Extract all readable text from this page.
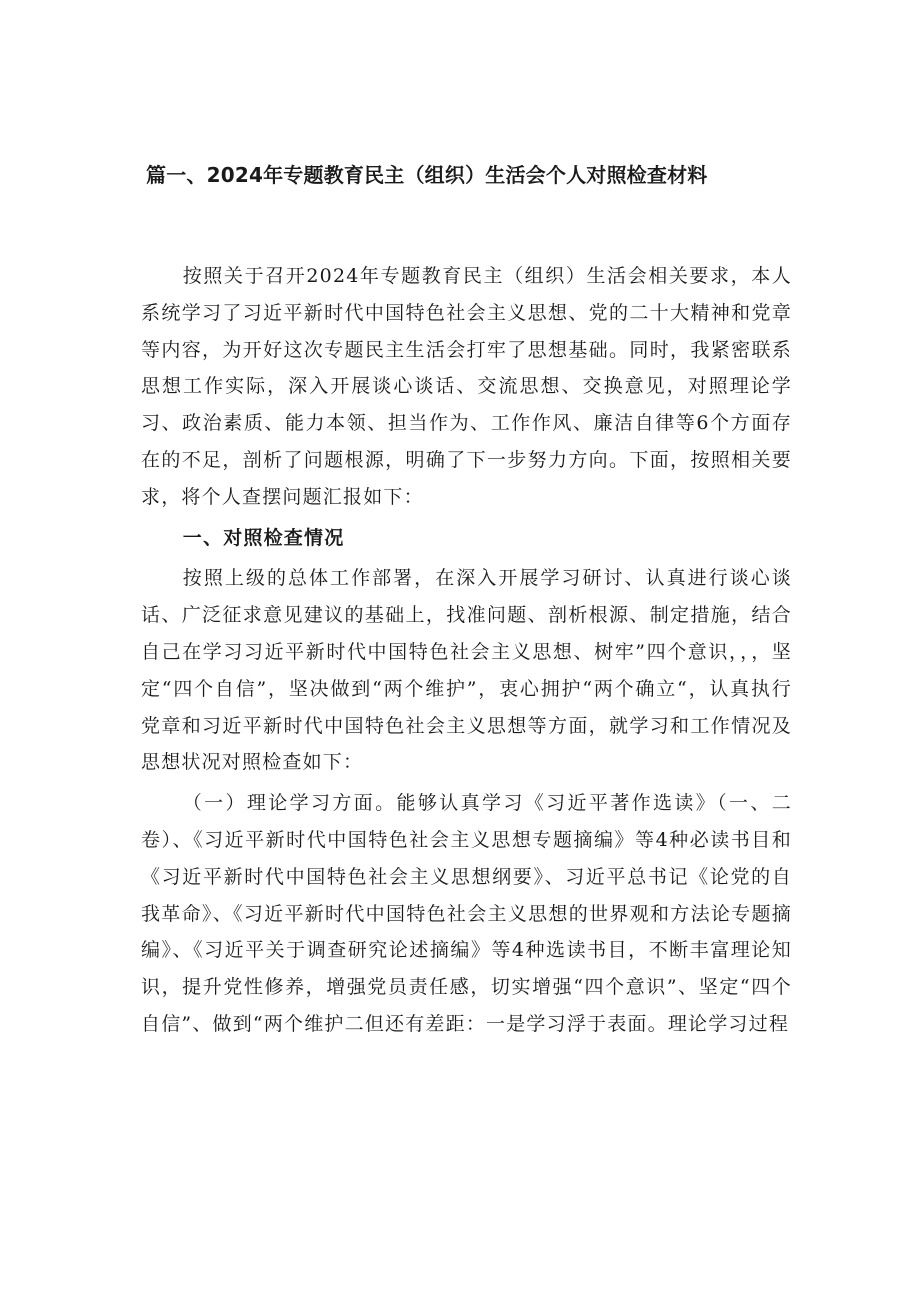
篇一、2024年专题教育民主（组织）生活会个人对照检查材料

按照关于召开2024年专题教育民主（组织）生活会相关要求，本人系统学习了习近平新时代中国特色社会主义思想、党的二十大精神和党章等内容，为开好这次专题民主生活会打牢了思想基础。同时，我紧密联系思想工作实际，深入开展谈心谈话、交流思想、交换意见，对照理论学习、政治素质、能力本领、担当作为、工作作风、廉洁自律等6个方面存在的不足，剖析了问题根源，明确了下一步努力方向。下面，按照相关要求，将个人查摆问题汇报如下：

一、对照检查情况

按照上级的总体工作部署，在深入开展学习研讨、认真进行谈心谈话、广泛征求意见建议的基础上，找准问题、剖析根源、制定措施，结合自己在学习习近平新时代中国特色社会主义思想、树牢”四个意识，，，坚定“四个自信”，坚决做到“两个维护”，衷心拥护“两个确立“，认真执行党章和习近平新时代中国特色社会主义思想等方面，就学习和工作情况及思想状况对照检查如下：

（一）理论学习方面。能够认真学习《习近平著作选读》（一、二卷）、《习近平新时代中国特色社会主义思想专题摘编》等4种必读书目和《习近平新时代中国特色社会主义思想纲要》、习近平总书记《论党的自我革命》、《习近平新时代中国特色社会主义思想的世界观和方法论专题摘编》、《习近平关于调查研究论述摘编》等4种选读书目，不断丰富理论知识，提升党性修养，增强党员责任感，切实增强“四个意识”、坚定“四个自信”、做到“两个维护二但还有差距：一是学习浮于表面。理论学习过程
